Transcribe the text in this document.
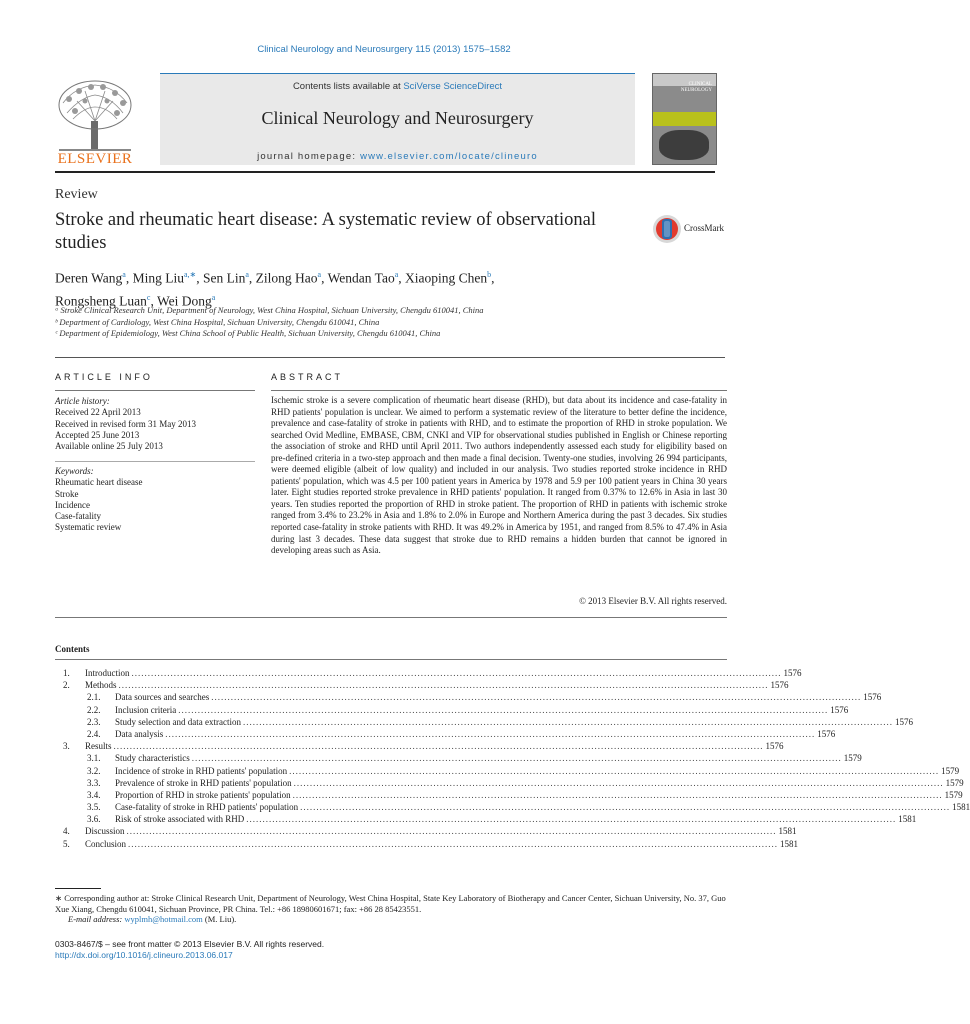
Clinical Neurology and Neurosurgery 115 (2013) 1575–1582
ELSEVIER
Contents lists available at SciVerse ScienceDirect
Clinical Neurology and Neurosurgery
journal homepage: www.elsevier.com/locate/clineuro
CLINICAL NEUROLOGY
Review
Stroke and rheumatic heart disease: A systematic review of observational studies
CrossMark
Deren Wang$^a$, Ming Liu$^{a,∗}$, Sen Lin$^a$, Zilong Hao$^a$, Wendan Tao$^a$, Xiaoping Chen$^b$,
Rongsheng Luan$^c$, Wei Dong$^a$
ᵃ Stroke Clinical Research Unit, Department of Neurology, West China Hospital, Sichuan University, Chengdu 610041, China
ᵇ Department of Cardiology, West China Hospital, Sichuan University, Chengdu 610041, China
ᶜ Department of Epidemiology, West China School of Public Health, Sichuan University, Chengdu 610041, China
ARTICLE INFO
Article history:
Received 22 April 2013
Received in revised form 31 May 2013
Accepted 25 June 2013
Available online 25 July 2013
Keywords:
Rheumatic heart disease
Stroke
Incidence
Case-fatality
Systematic review
ABSTRACT
Ischemic stroke is a severe complication of rheumatic heart disease (RHD), but data about its incidence and case-fatality in RHD patients' population is unclear. We aimed to perform a systematic review of the literature to better define the incidence, prevalence and case-fatality of stroke in patients with RHD, and to estimate the proportion of RHD in stroke population. We searched Ovid Medline, EMBASE, CBM, CNKI and VIP for observational studies published in English or Chinese reporting the association of stroke and RHD until April 2011. Two authors independently assessed each study for eligibility based on pre-defined criteria in a two-step approach and then made a final decision. Twenty-one studies, involving 26 994 participants, were deemed eligible (albeit of low quality) and included in our analysis. Two studies reported stroke incidence in RHD patients' population, which was 4.5 per 100 patient years in America by 1978 and 5.9 per 100 patient years in China 30 years later. Eight studies reported stroke prevalence in RHD patients' population. It ranged from 0.37% to 12.6% in Asia in last 30 years. Ten studies reported the proportion of RHD in stroke patient. The proportion of RHD in patients with ischemic stroke ranged from 3.4% to 23.2% in Asia and 1.8% to 2.0% in Europe and Northern America during the past 3 decades. Six studies reported case-fatality in stroke patients with RHD. It was 49.2% in America by 1951, and ranged from 8.5% to 47.4% in Asia during last 3 decades. These data suggest that stroke due to RHD remains a hidden burden that cannot be ignored in developing areas such as Asia.
© 2013 Elsevier B.V. All rights reserved.
Contents
1. Introduction ........................................................................................................................................................................................................ 1576
2. Methods ........................................................................................................................................................................................................ 1576
2.1. Data sources and searches ........................................................................................................................................................................................................ 1576
2.2. Inclusion criteria ........................................................................................................................................................................................................ 1576
2.3. Study selection and data extraction ........................................................................................................................................................................................................ 1576
2.4. Data analysis ........................................................................................................................................................................................................ 1576
3. Results ........................................................................................................................................................................................................ 1576
3.1. Study characteristics ........................................................................................................................................................................................................ 1579
3.2. Incidence of stroke in RHD patients' population ........................................................................................................................................................................................................ 1579
3.3. Prevalence of stroke in RHD patients' population ........................................................................................................................................................................................................ 1579
3.4. Proportion of RHD in stroke patients' population ........................................................................................................................................................................................................ 1579
3.5. Case-fatality of stroke in RHD patients' population ........................................................................................................................................................................................................ 1581
3.6. Risk of stroke associated with RHD ........................................................................................................................................................................................................ 1581
4. Discussion ........................................................................................................................................................................................................ 1581
5. Conclusion ........................................................................................................................................................................................................ 1581
∗ Corresponding author at: Stroke Clinical Research Unit, Department of Neurology, West China Hospital, State Key Laboratory of Biotherapy and Cancer Center, Sichuan University, No. 37, Guo Xue Xiang, Chengdu 610041, Sichuan Province, PR China. Tel.: +86 18980601671; fax: +86 28 85423551.
E-mail address: wyplmh@hotmail.com (M. Liu).
0303-8467/$ – see front matter © 2013 Elsevier B.V. All rights reserved.
http://dx.doi.org/10.1016/j.clineuro.2013.06.017
